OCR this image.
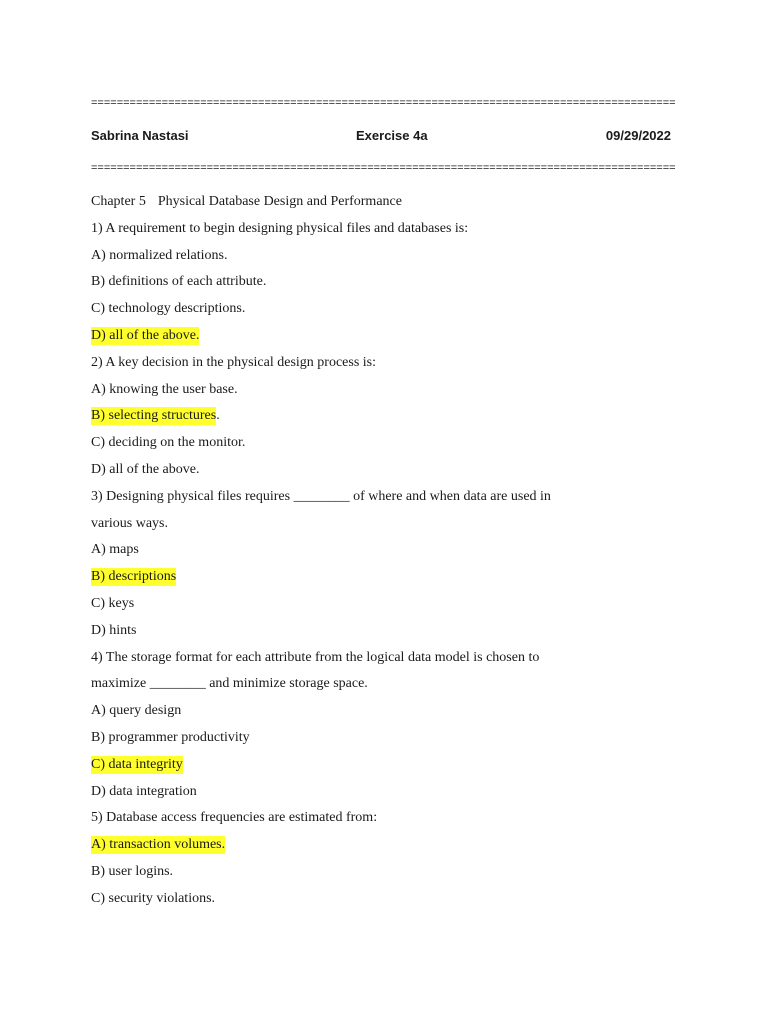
===========================================================================================
Sabrina Nastasi	Exercise 4a	09/29/2022
===========================================================================================
Chapter 5 Physical Database Design and Performance
1) A requirement to begin designing physical files and databases is:
A) normalized relations.
B) definitions of each attribute.
C) technology descriptions.
D) all of the above.
2) A key decision in the physical design process is:
A) knowing the user base.
B) selecting structures.
C) deciding on the monitor.
D) all of the above.
3) Designing physical files requires ________ of where and when data are used in
various ways.
A) maps
B) descriptions
C) keys
D) hints
4) The storage format for each attribute from the logical data model is chosen to
maximize ________ and minimize storage space.
A) query design
B) programmer productivity
C) data integrity
D) data integration
5) Database access frequencies are estimated from:
A) transaction volumes.
B) user logins.
C) security violations.
